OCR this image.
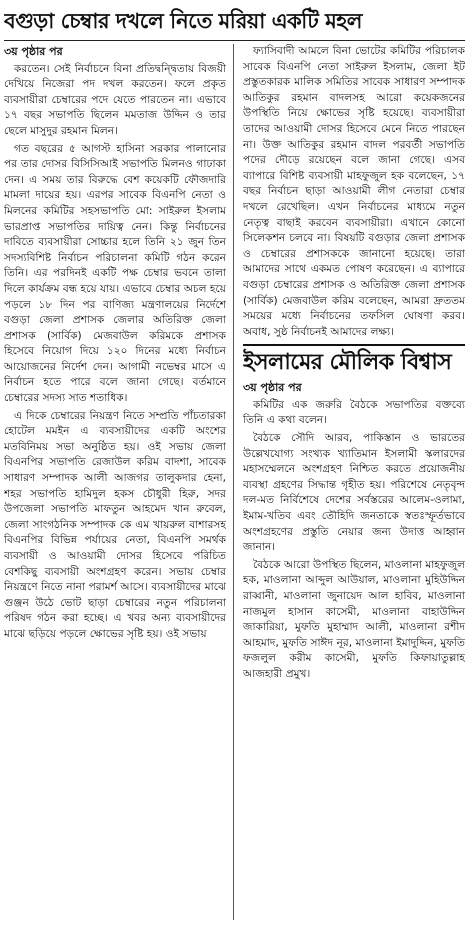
বগুড়া চেম্বার দখলে নিতে মরিয়া একটি মহল
৩য় পৃষ্ঠার পর

করতেন। সেই নির্বাচনে বিনা প্রতিদ্বন্দ্বিতায় বিজয়ী দেখিয়ে নিজেরা পদ দখল করতেন। ফলে প্রকৃত ব্যবসায়ীরা চেম্বারের পদে যেতে পারতেন না। এভাবে ১৭ বছর সভাপতি ছিলেন মমতাজ উদ্দিন ও তার ছেলে মাসুদুর রহমান মিলন।

গত বছরের ৫ আগস্ট হাসিনা সরকার পালানোর পর তার দোসর বিসিসিআই সভাপতি মিলনও গাঢাকা দেন। এ সময় তার বিরুদ্ধে বেশ কয়েকটি ফৌজদারি মামলা দায়ের হয়। এরপর সাবেক বিএনপি নেতা ও মিলনের কমিটির সহসভাপতি মো: সাইরুল ইসলাম ভারপ্রাপ্ত সভাপতির দায়িত্ব নেন। কিন্তু নির্বাচনের দাবিতে ব্যবসায়ীরা সোচ্চার হলে তিনি ২১ জুন তিন সদস্যবিশিষ্ট নির্বাচন পরিচালনা কমিটি গঠন করেন তিনি। এর পরদিনই একটি পক্ষ চেম্বার ভবনে তালা দিলে কার্যক্রম বন্ধ হয়ে যায়। এভাবে চেম্বার অচল হয়ে পড়লে ১৮ দিন পর বাণিজ্য মন্ত্রণালয়ের নির্দেশে বগুড়া জেলা প্রশাসক জেলার অতিরিক্ত জেলা প্রশাসক (সার্বিক) মেজবাউল করিমকে প্রশাসক হিসেবে নিয়োগ দিয়ে ১২০ দিনের মধ্যে নির্বাচন আয়োজনের নির্দেশ দেন। আগামী নভেম্বর মাসে এ নির্বাচন হতে পারে বলে জানা গেছে। বর্তমানে চেম্বারের সদস্য সাত শতাধিক।

এ দিকে চেম্বারের নিয়ন্ত্রণ নিতে সম্প্রতি পাঁচতারকা হোটেল মমইন এ ব্যবসায়ীদের একটি অংশের মতবিনিময় সভা অনুষ্ঠিত হয়। ওই সভায় জেলা বিএনপির সভাপতি রেজাউল করিম বাদশা, সাবেক সাধারণ সম্পাদক আলী আজগর তালুকদার হেনা, শহর সভাপতি হামিদুল হকস চৌধুরী হিরু, সদর উপজেলা সভাপতি মাফতুন আহমেদ খান রুবেল, জেলা সাংগঠনিক সম্পাদক কে এম খায়রুল বাশারসহ বিএনপির বিভিন্ন পর্যায়ের নেতা, বিএনপি সমর্থক ব্যবসায়ী ও আওয়ামী দোসর হিসেবে পরিচিত বেশকিছু ব্যবসায়ী অংশগ্রহণ করেন। সভায় চেম্বার নিয়ন্ত্রণে নিতে নানা পরামর্শ আসে। ব্যবসায়ীদের মাঝে গুঞ্জন উঠে ভোট ছাড়া চেম্বারের নতুন পরিচালনা পরিষদ গঠন করা হচ্ছে। এ খবর অন্য ব্যবসায়ীদের মাঝে ছড়িয়ে পড়লে ক্ষোভের সৃষ্টি হয়। ওই সভায়

ফ্যাসিবাদী আমলে বিনা ভোটের কমিটির পরিচালক সাবেক বিএনপি নেতা সাইরুল ইসলাম, জেলা ইট প্রস্তুতকারক মালিক সমিতির সাবেক সাধারণ সম্পাদক আতিকুর রহমান বাদলসহ আরো কয়েকজনের উপস্থিতি নিয়ে ক্ষোভের সৃষ্টি হয়েছে। ব্যবসায়ীরা তাদের আওয়ামী দোসর হিসেবে মেনে নিতে পারছেন না। উক্ত আতিকুর রহমান বাদল পরবর্তী সভাপতি পদের দৌড়ে রয়েছেন বলে জানা গেছে। এসব ব্যাপারে বিশিষ্ট ব্যবসায়ী মাহফুজুল হক বলেছেন, ১৭ বছর নির্বাচন ছাড়া আওয়ামী লীগ নেতারা চেম্বার দখলে রেখেছিল। এখন নির্বাচনের মাধ্যমে নতুন নেতৃত্ব বাছাই করবেন ব্যবসায়ীরা। এখানে কোনো সিলেকশন চলবে না। বিষয়টি বগুড়ার জেলা প্রশাসক ও চেম্বারের প্রশাসককে জানানো হয়েছে। তারা আমাদের সাথে একমত পোষণ করেছেন। এ ব্যাপারে বগুড়া চেম্বারের প্রশাসক ও অতিরিক্ত জেলা প্রশাসক (সার্বিক) মেজবাউল করিম বলেছেন, আমরা দ্রুততম সময়ের মধ্যে নির্বাচনের তফসিল ঘোষণা করব। অবাধ, সুষ্ঠ নির্বাচনই আমাদের লক্ষ্য।

ইসলামের মৌলিক বিশ্বাস
৩য় পৃষ্ঠার পর

কমিটির এক জরুরি বৈঠকে সভাপতির বক্তব্যে তিনি এ কথা বলেন।

বৈঠকে সৌদি আরব, পাকিস্তান ও ভারতের উল্লেখযোগ্য সংখ্যক খ্যাতিমান ইসলামী স্কলারদের মহাসম্মেলনে অংশগ্রহণ নিশ্চিত করতে প্রয়োজনীয় ব্যবস্থা গ্রহণের সিদ্ধান্ত গৃহীত হয়। পরিশেষে নেতৃবৃন্দ দল-মত নির্বিশেষে দেশের সর্বস্তরের আলেম-ওলামা, ইমাম-খতিব এবং তৌহিদি জনতাকে স্বতঃস্ফূর্তভাবে অংশগ্রহণের প্রস্তুতি নেয়ার জন্য উদাত্ত আহ্বান জানান।

বৈঠকে আরো উপস্থিত ছিলেন, মাওলানা মাহফুজুল হক, মাওলানা আব্দুল আউয়াল, মাওলানা মুহিউদ্দিন রাব্বানী, মাওলানা জুনায়েদ আল হাবিব, মাওলানা নাজমুল হাসান কাসেমী, মাওলানা বাহাউদ্দিন জাকারিয়া, মুফতি মুহাম্মাদ আলী, মাওলানা রশীদ আহমাদ, মুফতি সাঈদ নূর, মাওলানা ইমাদুদ্দিন, মুফতি ফজলুল করীম কাসেমী, মুফতি কিফায়াতুল্লাহ আজহারী প্রমুখ।
